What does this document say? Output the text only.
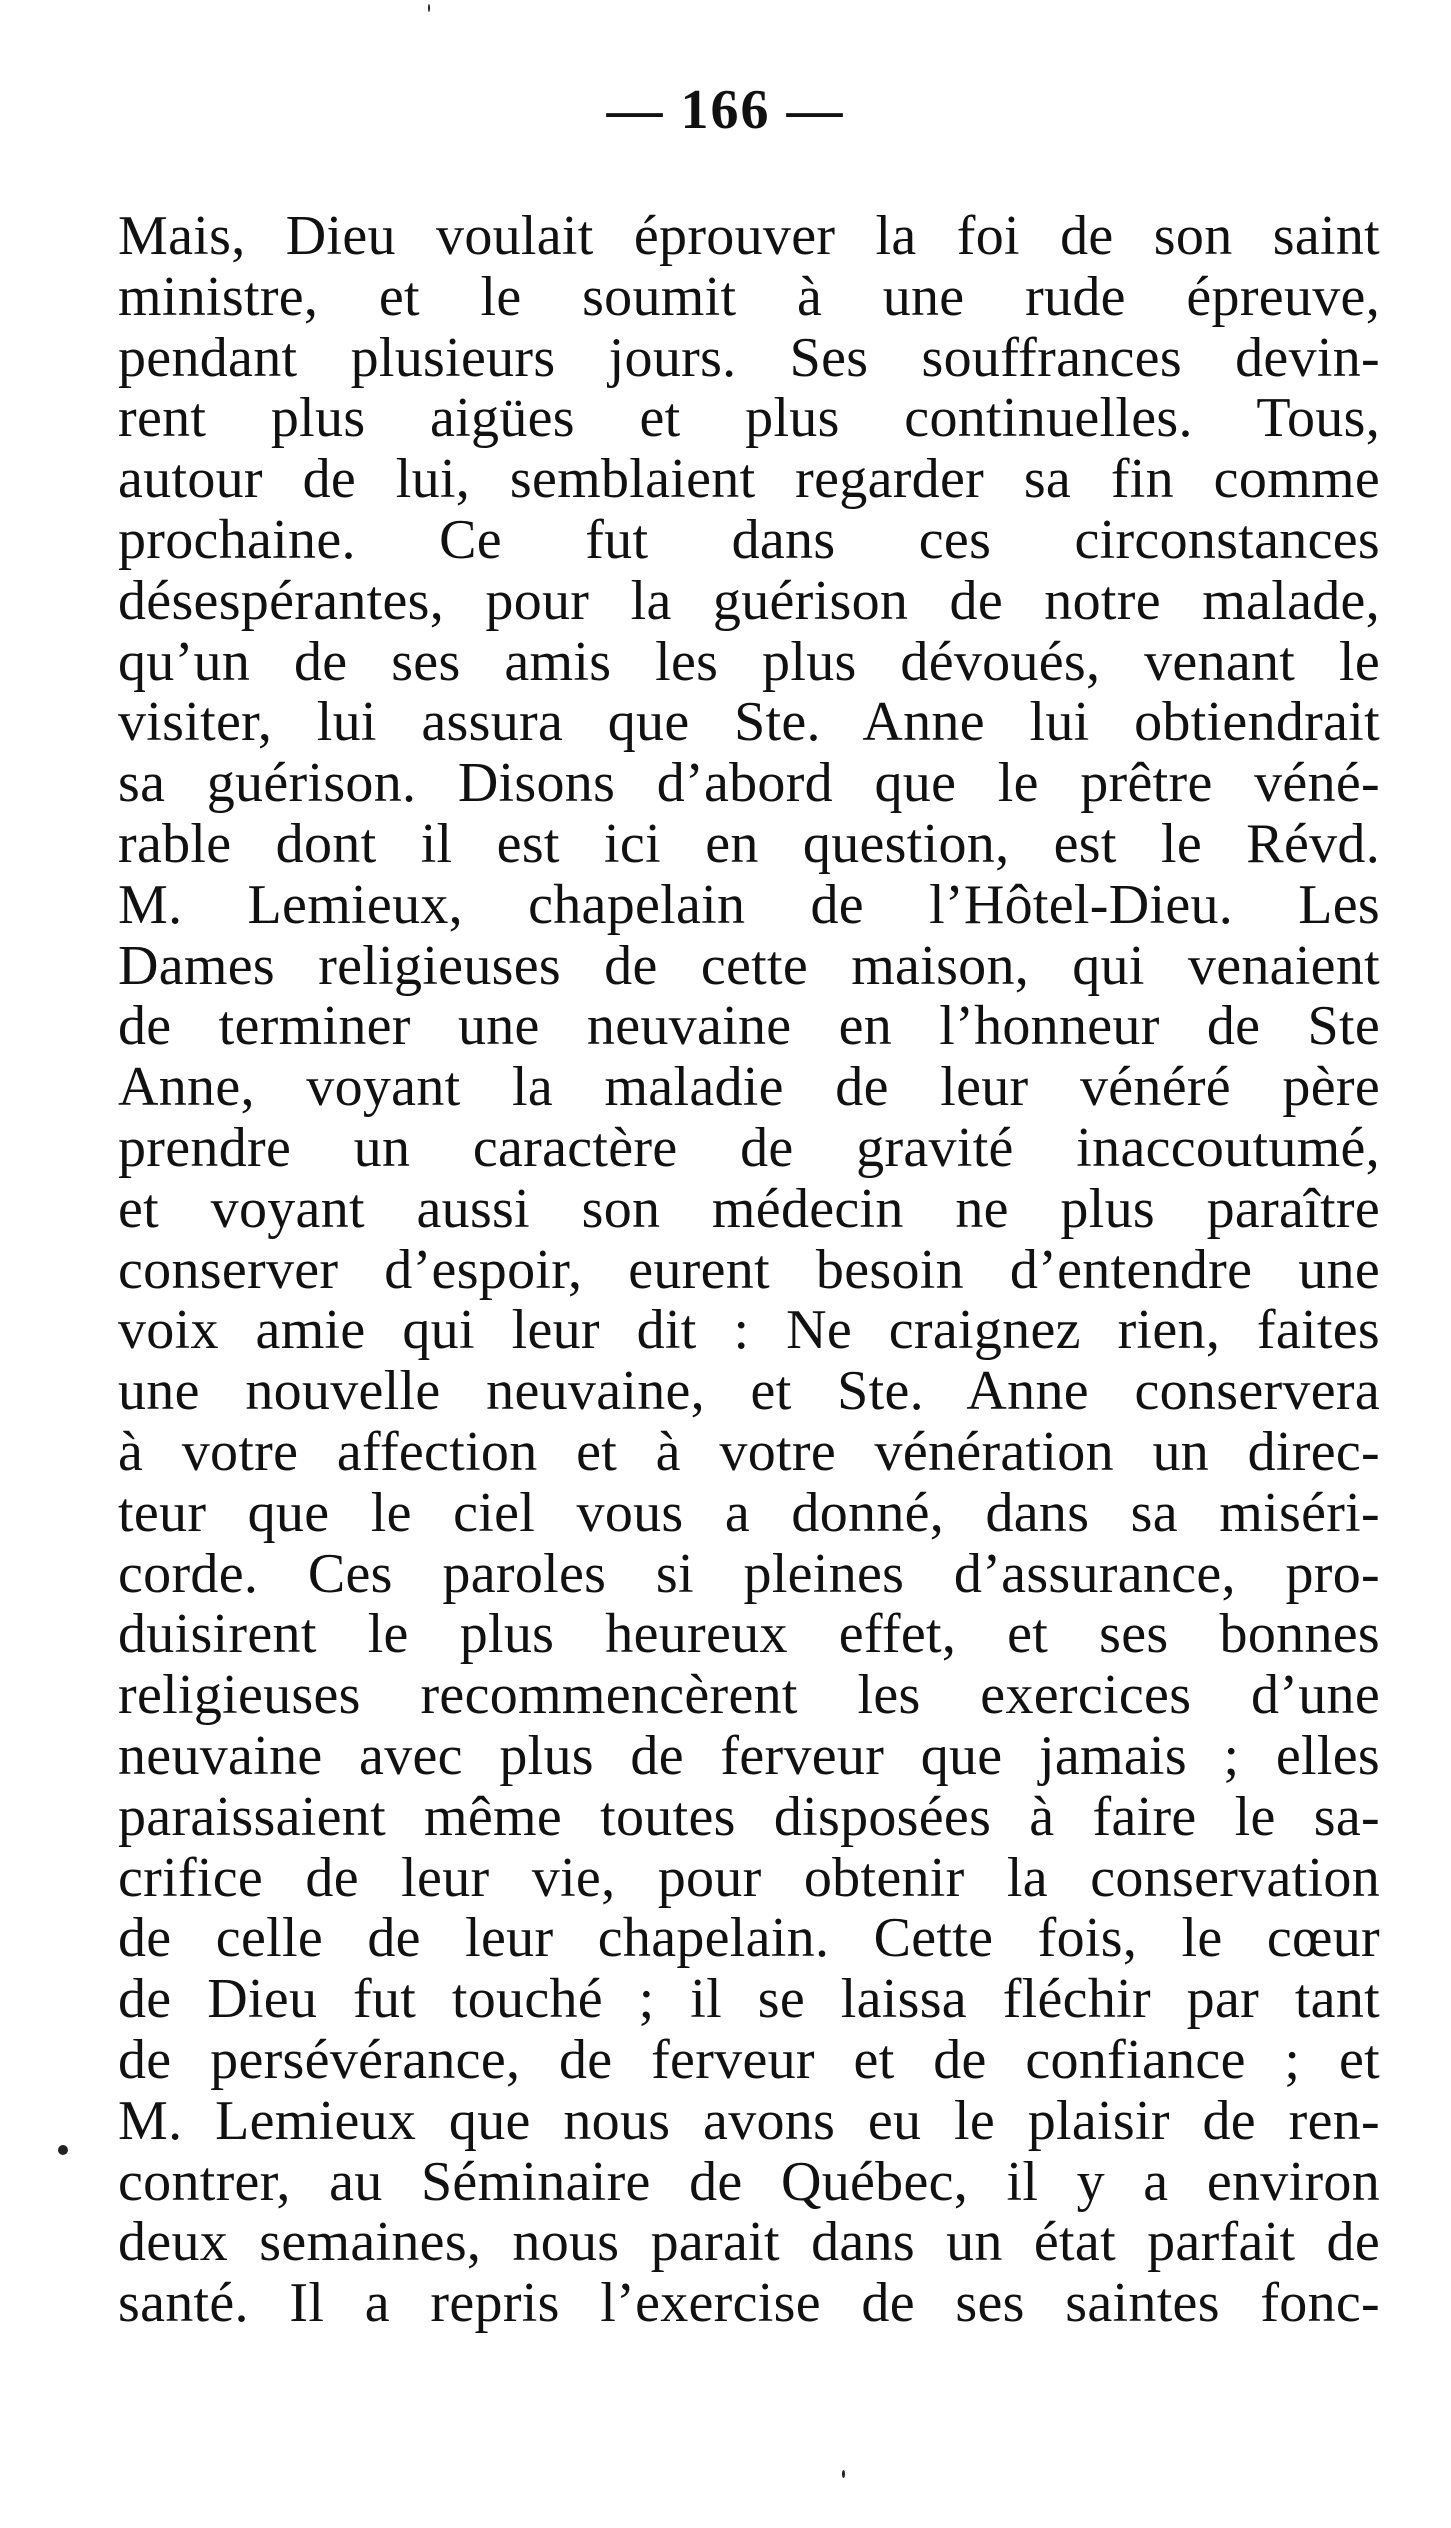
— 166 —
Mais, Dieu voulait éprouver la foi de son saint
ministre, et le soumit à une rude épreuve,
pendant plusieurs jours. Ses souffrances devin-
rent plus aigües et plus continuelles. Tous,
autour de lui, semblaient regarder sa fin comme
prochaine. Ce fut dans ces circonstances
désespérantes, pour la guérison de notre malade,
qu’un de ses amis les plus dévoués, venant le
visiter, lui assura que Ste. Anne lui obtiendrait
sa guérison. Disons d’abord que le prêtre véné-
rable dont il est ici en question, est le Révd.
M. Lemieux, chapelain de l’Hôtel-Dieu. Les
Dames religieuses de cette maison, qui venaient
de terminer une neuvaine en l’honneur de Ste
Anne, voyant la maladie de leur vénéré père
prendre un caractère de gravité inaccoutumé,
et voyant aussi son médecin ne plus paraître
conserver d’espoir, eurent besoin d’entendre une
voix amie qui leur dit : Ne craignez rien, faites
une nouvelle neuvaine, et Ste. Anne conservera
à votre affection et à votre vénération un direc-
teur que le ciel vous a donné, dans sa miséri-
corde. Ces paroles si pleines d’assurance, pro-
duisirent le plus heureux effet, et ses bonnes
religieuses recommencèrent les exercices d’une
neuvaine avec plus de ferveur que jamais ; elles
paraissaient même toutes disposées à faire le sa-
crifice de leur vie, pour obtenir la conservation
de celle de leur chapelain. Cette fois, le cœur
de Dieu fut touché ; il se laissa fléchir par tant
de persévérance, de ferveur et de confiance ; et
M. Lemieux que nous avons eu le plaisir de ren-
contrer, au Séminaire de Québec, il y a environ
deux semaines, nous parait dans un état parfait de
santé. Il a repris l’exercise de ses saintes fonc-
